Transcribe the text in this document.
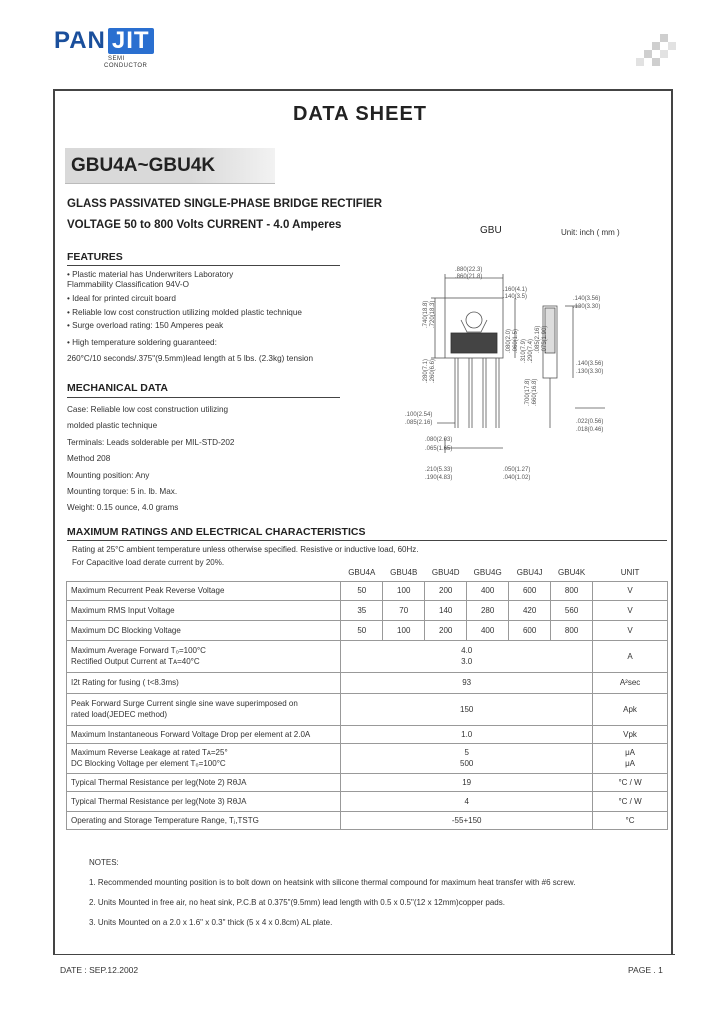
PAN JIT
SEMI
CONDUCTOR
DATA SHEET
GBU4A~GBU4K
GLASS PASSIVATED SINGLE-PHASE BRIDGE RECTIFIER
VOLTAGE 50 to 800 Volts CURRENT - 4.0 Amperes	GBU	Unit: inch ( mm )
FEATURES
• Plastic material has Underwriters Laboratory
Flammability Classification 94V-O
• Ideal for printed circuit board
• Reliable low cost construction utilizing molded plastic technique
• Surge overload rating: 150 Amperes peak
• High temperature soldering guaranteed:
260°C/10 seconds/.375"(9.5mm)lead length at 5 lbs. (2.3kg) tension
MECHANICAL DATA
Case: Reliable low cost construction utilizing
molded plastic technique
Terminals: Leads solderable per MIL-STD-202
Method 208
Mounting position: Any
Mounting torque: 5 in. lb. Max.
Weight: 0.15 ounce, 4.0 grams
.880(22.3)
.860(21.8)
.160(4.1)
.140(3.5)	.140(3.56)
.130(3.30)
.740(18.8) .720(18.3)
.080(2.0) .060(1.5) .310(7.9) .290(7.4) .085(2.16) .075(1.90)
.280(7.1) .260(6.6)
.100(2.54)
.085(2.16)
.700(17.8) .660(16.8)
.080(2.03)
.065(1.65)
.210(5.33)
.190(4.83)
.050(1.27)
.040(1.02)
.140(3.56)
.130(3.30)
.022(0.56)
.018(0.46)
MAXIMUM RATINGS AND ELECTRICAL CHARACTERISTICS
Rating at 25°C ambient temperature unless otherwise specified. Resistive or inductive load, 60Hz.
For Capacitive load derate current by 20%.
	GBU4A	GBU4B	GBU4D	GBU4G	GBU4J	GBU4K	UNIT
Maximum Recurrent Peak Reverse Voltage	50	100	200	400	600	800	V
Maximum RMS Input Voltage	35	70	140	280	420	560	V
Maximum DC Blocking Voltage	50	100	200	400	600	800	V
Maximum Average Forward T₀=100°C
Rectified Output Current at Tᴀ=40°C	4.0
3.0						A
I2t Rating for fusing ( t<8.3ms)	93						A²sec
Peak Forward Surge Current single sine wave superimposed on
rated load(JEDEC method)	150						Apk
Maximum Instantaneous Forward Voltage Drop per element at 2.0A	1.0						Vpk
Maximum Reverse Leakage at rated Tᴀ=25°
DC Blocking Voltage per element T₀=100°C	5
500						μA
μA
Typical Thermal Resistance per leg(Note 2) RθJA	19						°C / W
Typical Thermal Resistance per leg(Note 3) RθJA	4						°C / W
Operating and Storage Temperature Range, Tⱼ,TSTG	-55+150						°C
NOTES:
1. Recommended mounting position is to bolt down on heatsink with silicone thermal compound for maximum heat transfer with #6 screw.
2. Units Mounted in free air, no heat sink, P.C.B at 0.375"(9.5mm) lead length with 0.5 x 0.5"(12 x 12mm)copper pads.
3. Units Mounted on a 2.0 x 1.6" x 0.3" thick (5 x 4 x 0.8cm) AL plate.
DATE : SEP.12.2002	PAGE . 1
